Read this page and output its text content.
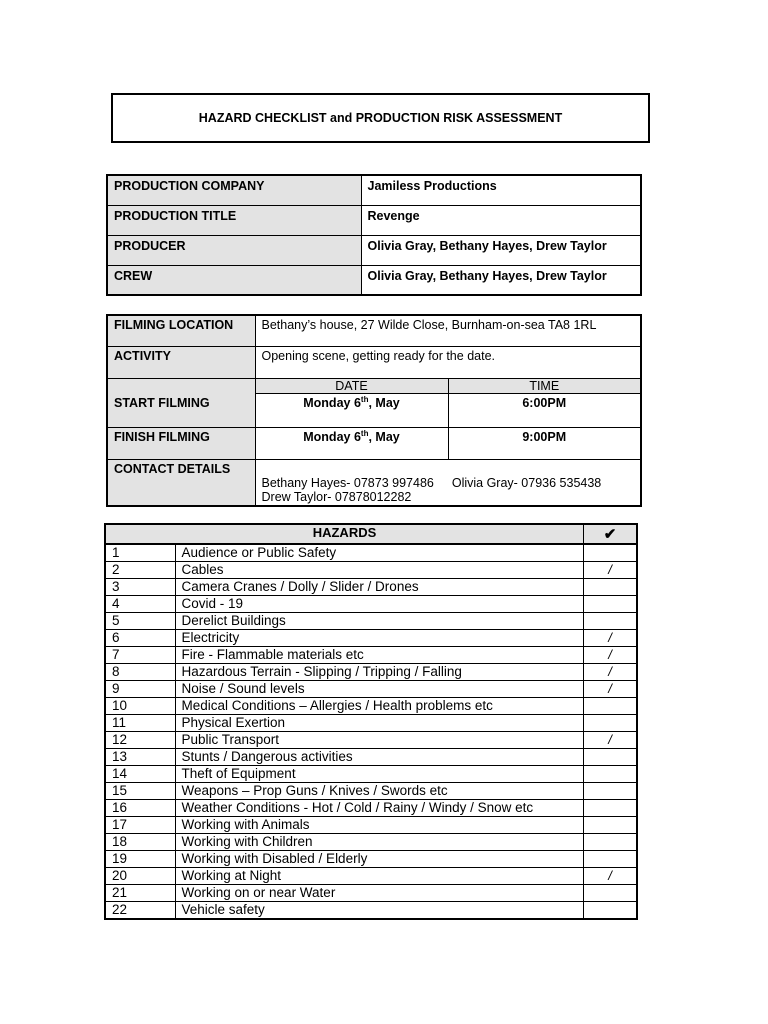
HAZARD CHECKLIST and PRODUCTION RISK ASSESSMENT
PRODUCTION COMPANY	Jamiless Productions
PRODUCTION TITLE	Revenge
PRODUCER	Olivia Gray, Bethany Hayes, Drew Taylor
CREW	Olivia Gray, Bethany Hayes, Drew Taylor
FILMING LOCATION	Bethany’s house, 27 Wilde Close, Burnham-on-sea TA8 1RL	
ACTIVITY	Opening scene, getting ready for the date.	
START FILMING	DATE	TIME
	Monday 6th, May	6:00PM
FINISH FILMING	Monday 6th, May	9:00PM
CONTACT DETAILS	Bethany Hayes- 07873 997486 Olivia Gray- 07936 535438
Drew Taylor- 07878012282	
HAZARDS		✔
1	Audience or Public Safety	
2	Cables	/
3	Camera Cranes / Dolly / Slider / Drones	
4	Covid - 19	
5	Derelict Buildings	
6	Electricity	/
7	Fire - Flammable materials etc	/
8	Hazardous Terrain - Slipping / Tripping / Falling	/
9	Noise / Sound levels	/
10	Medical Conditions – Allergies / Health problems etc	
11	Physical Exertion	
12	Public Transport	/
13	Stunts / Dangerous activities	
14	Theft of Equipment	
15	Weapons – Prop Guns / Knives / Swords etc	
16	Weather Conditions - Hot / Cold / Rainy / Windy / Snow etc	
17	Working with Animals	
18	Working with Children	
19	Working with Disabled / Elderly	
20	Working at Night	/
21	Working on or near Water	
22	Vehicle safety	
